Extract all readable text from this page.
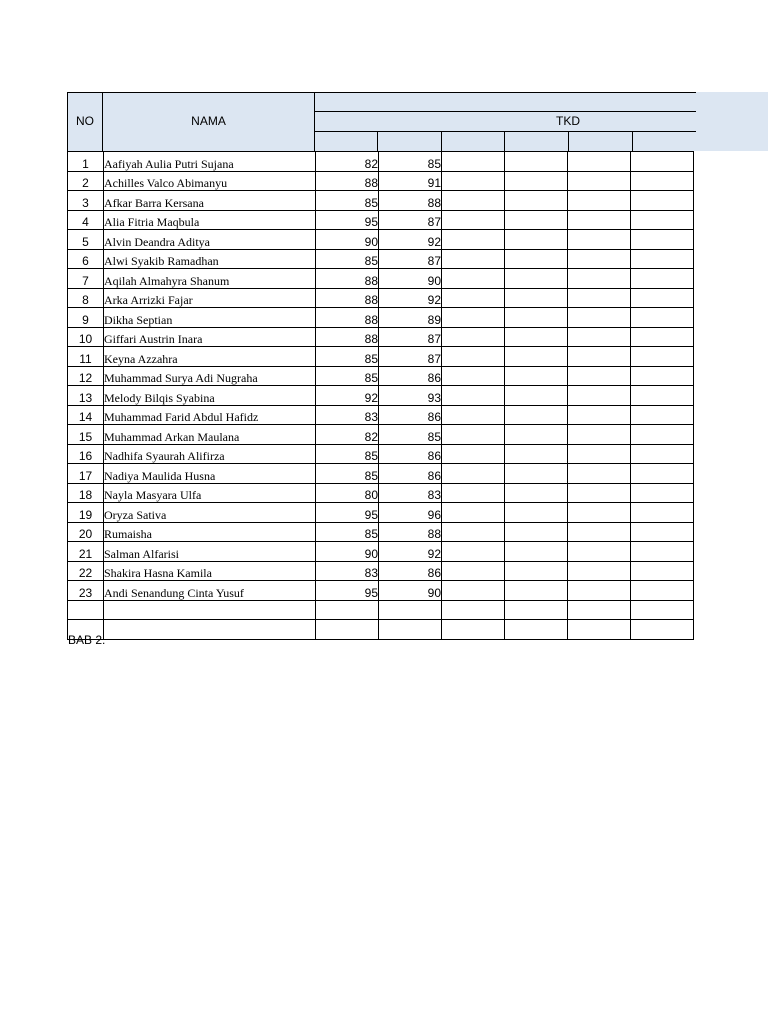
NO	NAMA	TKD
1	Aafiyah Aulia Putri Sujana	82	85				
2	Achilles Valco Abimanyu	88	91				
3	Afkar Barra Kersana	85	88				
4	Alia Fitria Maqbula	95	87				
5	Alvin Deandra Aditya	90	92				
6	Alwi Syakib Ramadhan	85	87				
7	Aqilah Almahyra Shanum	88	90				
8	Arka Arrizki Fajar	88	92				
9	Dikha Septian	88	89				
10	Giffari Austrin Inara	88	87				
11	Keyna Azzahra	85	87				
12	Muhammad Surya Adi Nugraha	85	86				
13	Melody Bilqis Syabina	92	93				
14	Muhammad Farid Abdul Hafidz	83	86				
15	Muhammad Arkan Maulana	82	85				
16	Nadhifa Syaurah Alifirza	85	86				
17	Nadiya Maulida Husna	85	86				
18	Nayla Masyara Ulfa	80	83				
19	Oryza Sativa	95	96				
20	Rumaisha	85	88				
21	Salman Alfarisi	90	92				
22	Shakira Hasna Kamila	83	86				
23	Andi Senandung Cinta Yusuf	95	90				

BAB 2.
